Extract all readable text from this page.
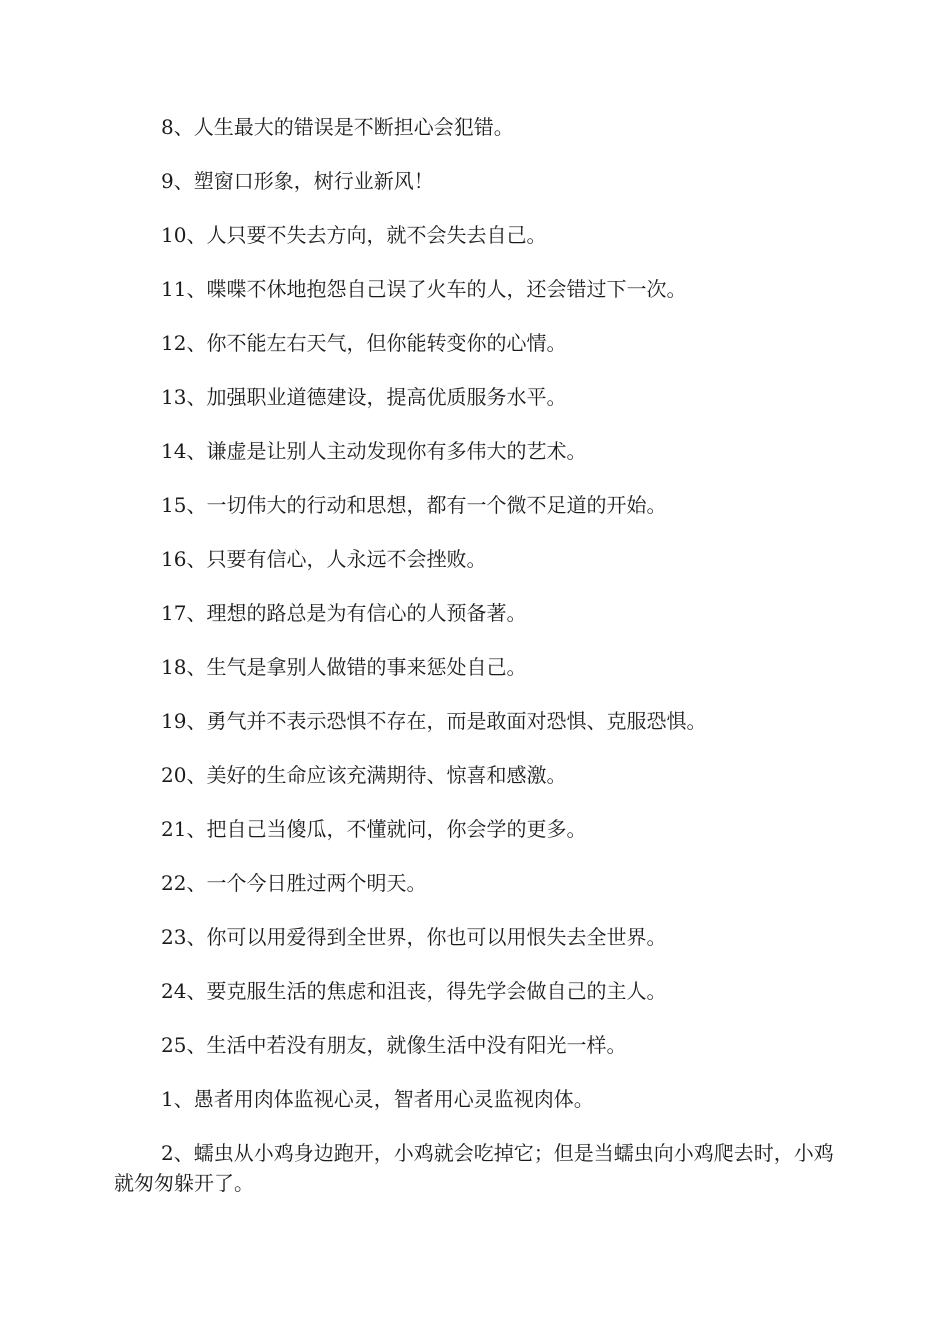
8、人生最大的错误是不断担心会犯错。
9、塑窗口形象，树行业新风！
10、人只要不失去方向，就不会失去自己。
11、喋喋不休地抱怨自己误了火车的人，还会错过下一次。
12、你不能左右天气，但你能转变你的心情。
13、加强职业道德建设，提高优质服务水平。
14、谦虚是让别人主动发现你有多伟大的艺术。
15、一切伟大的行动和思想，都有一个微不足道的开始。
16、只要有信心，人永远不会挫败。
17、理想的路总是为有信心的人预备著。
18、生气是拿别人做错的事来惩处自己。
19、勇气并不表示恐惧不存在，而是敢面对恐惧、克服恐惧。
20、美好的生命应该充满期待、惊喜和感激。
21、把自己当傻瓜，不懂就问，你会学的更多。
22、一个今日胜过两个明天。
23、你可以用爱得到全世界，你也可以用恨失去全世界。
24、要克服生活的焦虑和沮丧，得先学会做自己的主人。
25、生活中若没有朋友，就像生活中没有阳光一样。
1、愚者用肉体监视心灵，智者用心灵监视肉体。
2、蠕虫从小鸡身边跑开，小鸡就会吃掉它；但是当蠕虫向小鸡爬去时，小鸡就匆匆躲开了。
